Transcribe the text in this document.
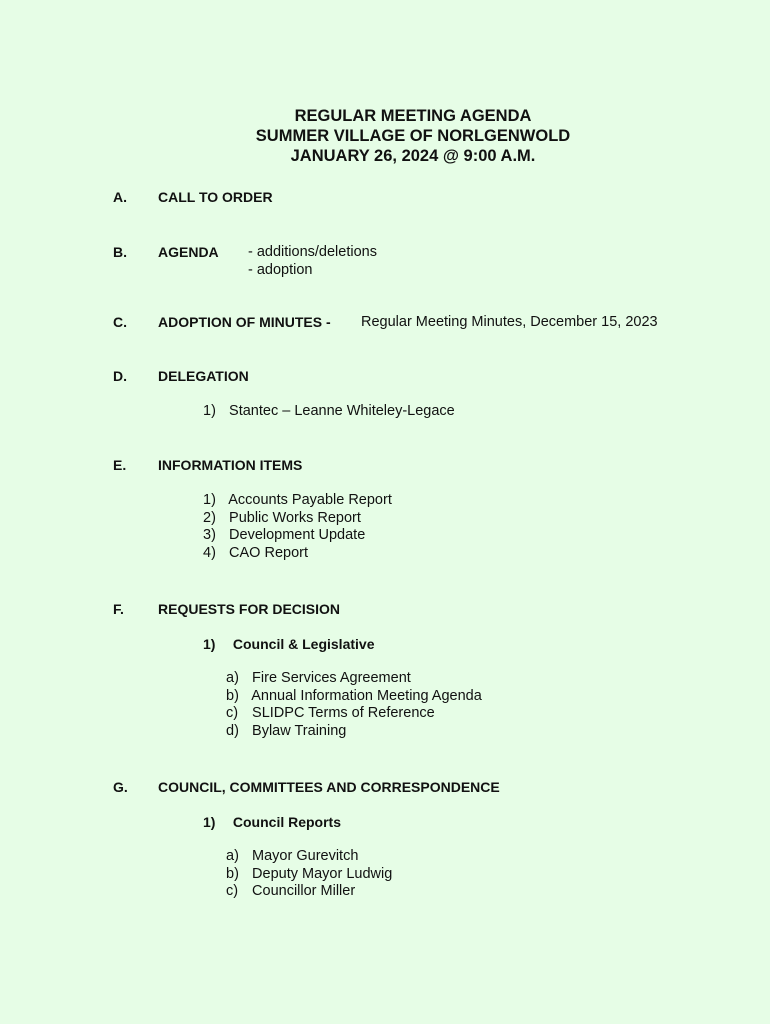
REGULAR MEETING AGENDA
SUMMER VILLAGE OF NORLGENWOLD
JANUARY 26, 2024 @ 9:00 A.M.
A. CALL TO ORDER
B. AGENDA - additions/deletions
- adoption
C. ADOPTION OF MINUTES - Regular Meeting Minutes, December 15, 2023
D. DELEGATION
1) Stantec – Leanne Whiteley-Legace
E. INFORMATION ITEMS
1) Accounts Payable Report
2) Public Works Report
3) Development Update
4) CAO Report
F. REQUESTS FOR DECISION
1) Council & Legislative
a) Fire Services Agreement
b) Annual Information Meeting Agenda
c) SLIDPC Terms of Reference
d) Bylaw Training
G. COUNCIL, COMMITTEES AND CORRESPONDENCE
1) Council Reports
a) Mayor Gurevitch
b) Deputy Mayor Ludwig
c) Councillor Miller
